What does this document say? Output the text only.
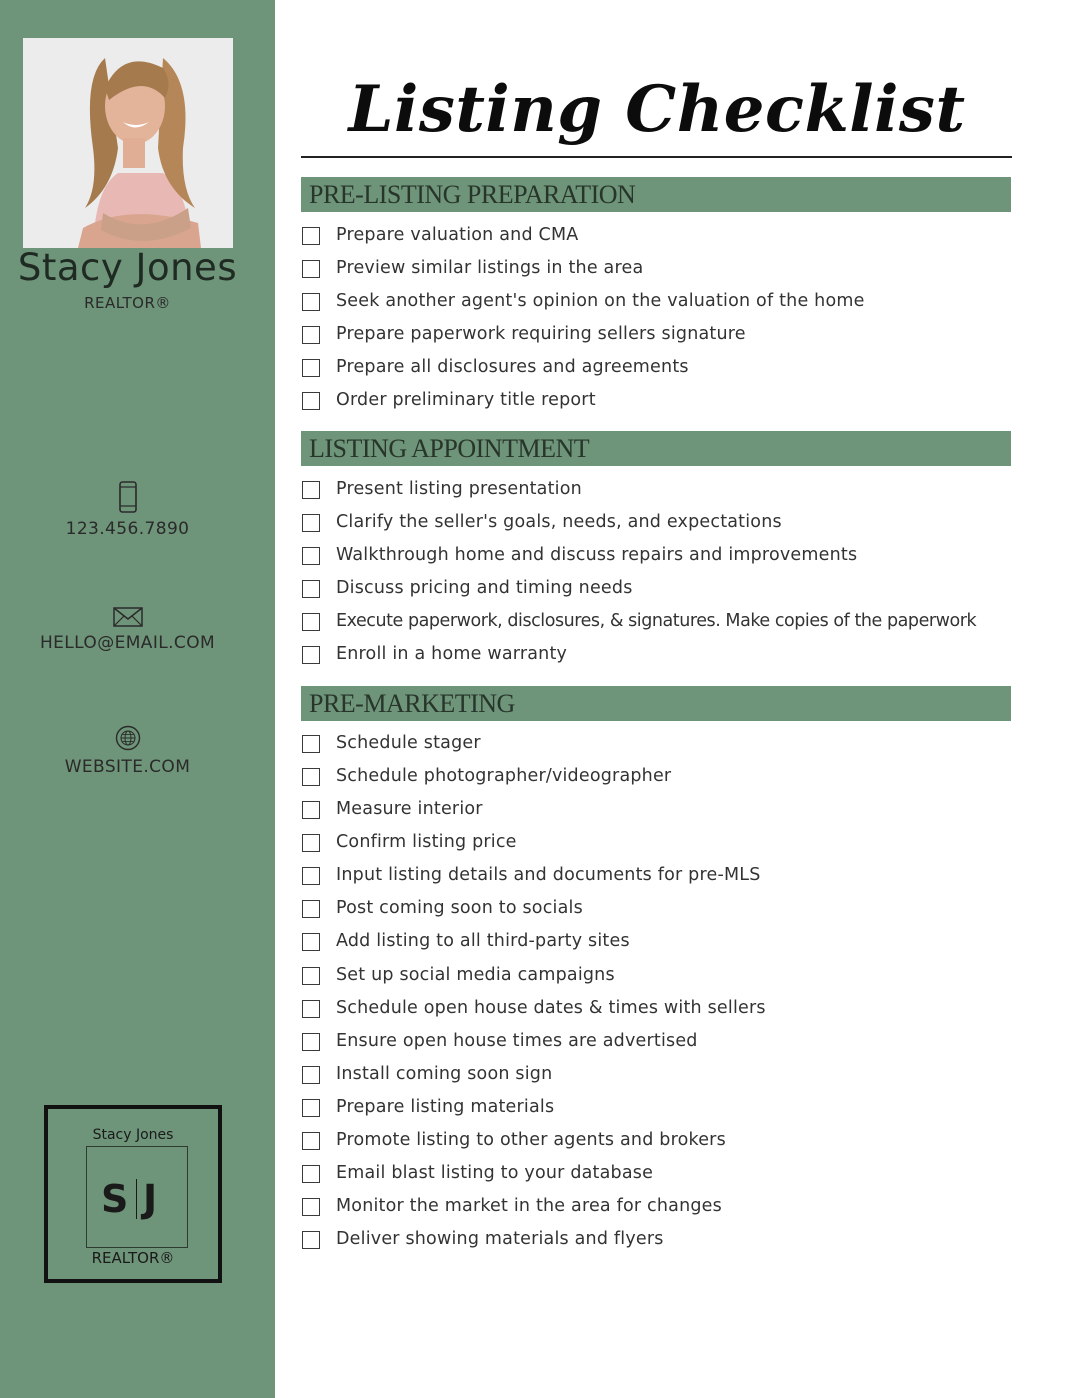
Stacy Jones
REALTOR®
123.456.7890
HELLO@EMAIL.COM
WEBSITE.COM
Stacy Jones
S J
REALTOR®
Listing Checklist
PRE-LISTING PREPARATION
Prepare valuation and CMA
Preview similar listings in the area
Seek another agent's opinion on the valuation of the home
Prepare paperwork requiring sellers signature
Prepare all disclosures and agreements
Order preliminary title report
LISTING APPOINTMENT
Present listing presentation
Clarify the seller's goals, needs, and expectations
Walkthrough home and discuss repairs and improvements
Discuss pricing and timing needs
Execute paperwork, disclosures, & signatures. Make copies of the paperwork
Enroll in a home warranty
PRE-MARKETING
Schedule stager
Schedule photographer/videographer
Measure interior
Confirm listing price
Input listing details and documents for pre-MLS
Post coming soon to socials
Add listing to all third-party sites
Set up social media campaigns
Schedule open house dates & times with sellers
Ensure open house times are advertised
Install coming soon sign
Prepare listing materials
Promote listing to other agents and brokers
Email blast listing to your database
Monitor the market in the area for changes
Deliver showing materials and flyers
